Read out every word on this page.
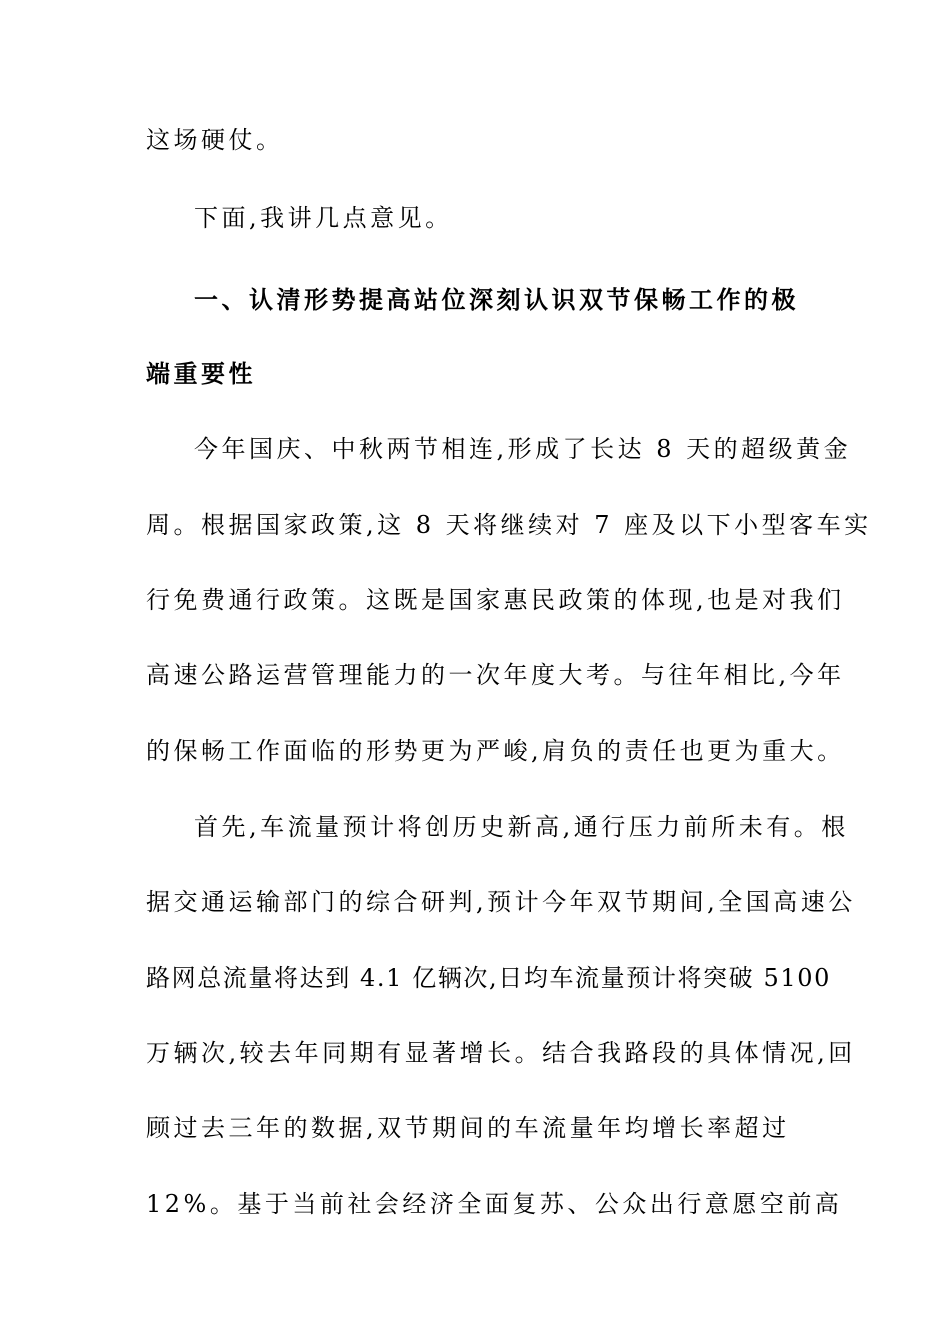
这场硬仗。
下面,我讲几点意见。
一、认清形势提高站位深刻认识双节保畅工作的极
端重要性
今年国庆、中秋两节相连,形成了长达 8 天的超级黄金
周。根据国家政策,这 8 天将继续对 7 座及以下小型客车实
行免费通行政策。这既是国家惠民政策的体现,也是对我们
高速公路运营管理能力的一次年度大考。与往年相比,今年
的保畅工作面临的形势更为严峻,肩负的责任也更为重大。
首先,车流量预计将创历史新高,通行压力前所未有。根
据交通运输部门的综合研判,预计今年双节期间,全国高速公
路网总流量将达到 4.1 亿辆次,日均车流量预计将突破 5100
万辆次,较去年同期有显著增长。结合我路段的具体情况,回
顾过去三年的数据,双节期间的车流量年均增长率超过
12%。基于当前社会经济全面复苏、公众出行意愿空前高
